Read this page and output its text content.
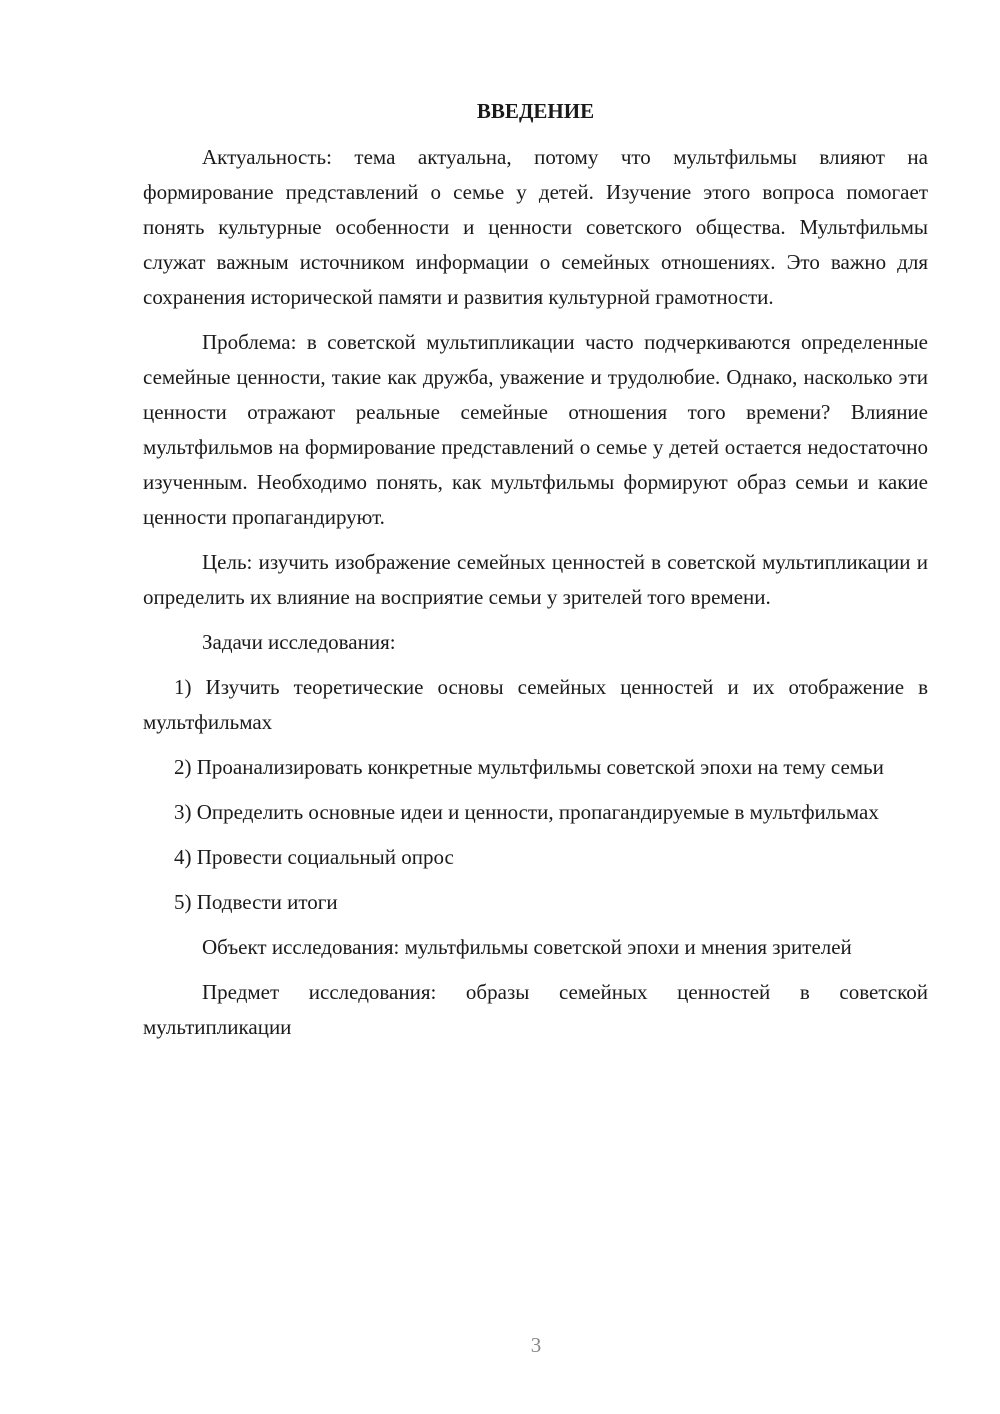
ВВЕДЕНИЕ

Актуальность: тема актуальна, потому что мультфильмы влияют на формирование представлений о семье у детей. Изучение этого вопроса помогает понять культурные особенности и ценности советского общества. Мультфильмы служат важным источником информации о семейных отношениях. Это важно для сохранения исторической памяти и развития культурной грамотности.

Проблема: в советской мультипликации часто подчеркиваются определенные семейные ценности, такие как дружба, уважение и трудолюбие. Однако, насколько эти ценности отражают реальные семейные отношения того времени? Влияние мультфильмов на формирование представлений о семье у детей остается недостаточно изученным. Необходимо понять, как мультфильмы формируют образ семьи и какие ценности пропагандируют.

Цель: изучить изображение семейных ценностей в советской мультипликации и определить их влияние на восприятие семьи у зрителей того времени.

Задачи исследования:

1) Изучить теоретические основы семейных ценностей и их отображение в мультфильмах

2) Проанализировать конкретные мультфильмы советской эпохи на тему семьи

3) Определить основные идеи и ценности, пропагандируемые в мультфильмах

4) Провести социальный опрос

5) Подвести итоги

Объект исследования: мультфильмы советской эпохи и мнения зрителей

Предмет исследования: образы семейных ценностей в советской мультипликации

3
